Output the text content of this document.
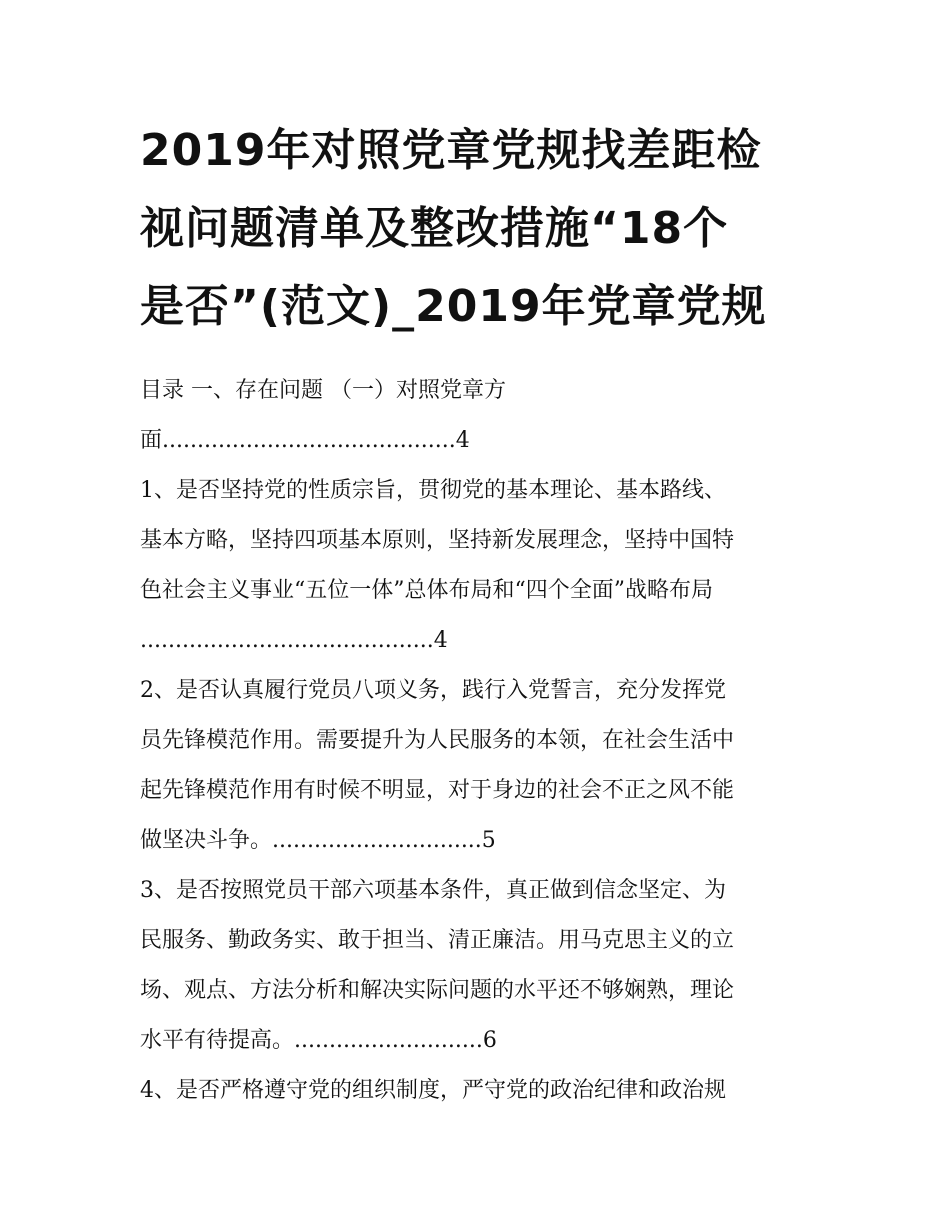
2019年对照党章党规找差距检
视问题清单及整改措施“18个
是否”(范文)_2019年党章党规

目录 一、存在问题 （一）对照党章方

面..........................................4

1、是否坚持党的性质宗旨，贯彻党的基本理论、基本路线、

基本方略，坚持四项基本原则，坚持新发展理念，坚持中国特

色社会主义事业“五位一体”总体布局和“四个全面”战略布局

..........................................4

2、是否认真履行党员八项义务，践行入党誓言，充分发挥党

员先锋模范作用。需要提升为人民服务的本领，在社会生活中

起先锋模范作用有时候不明显，对于身边的社会不正之风不能

做坚决斗争。..............................5

3、是否按照党员干部六项基本条件，真正做到信念坚定、为

民服务、勤政务实、敢于担当、清正廉洁。用马克思主义的立

场、观点、方法分析和解决实际问题的水平还不够娴熟，理论

水平有待提高。...........................6

4、是否严格遵守党的组织制度，严守党的政治纪律和政治规
